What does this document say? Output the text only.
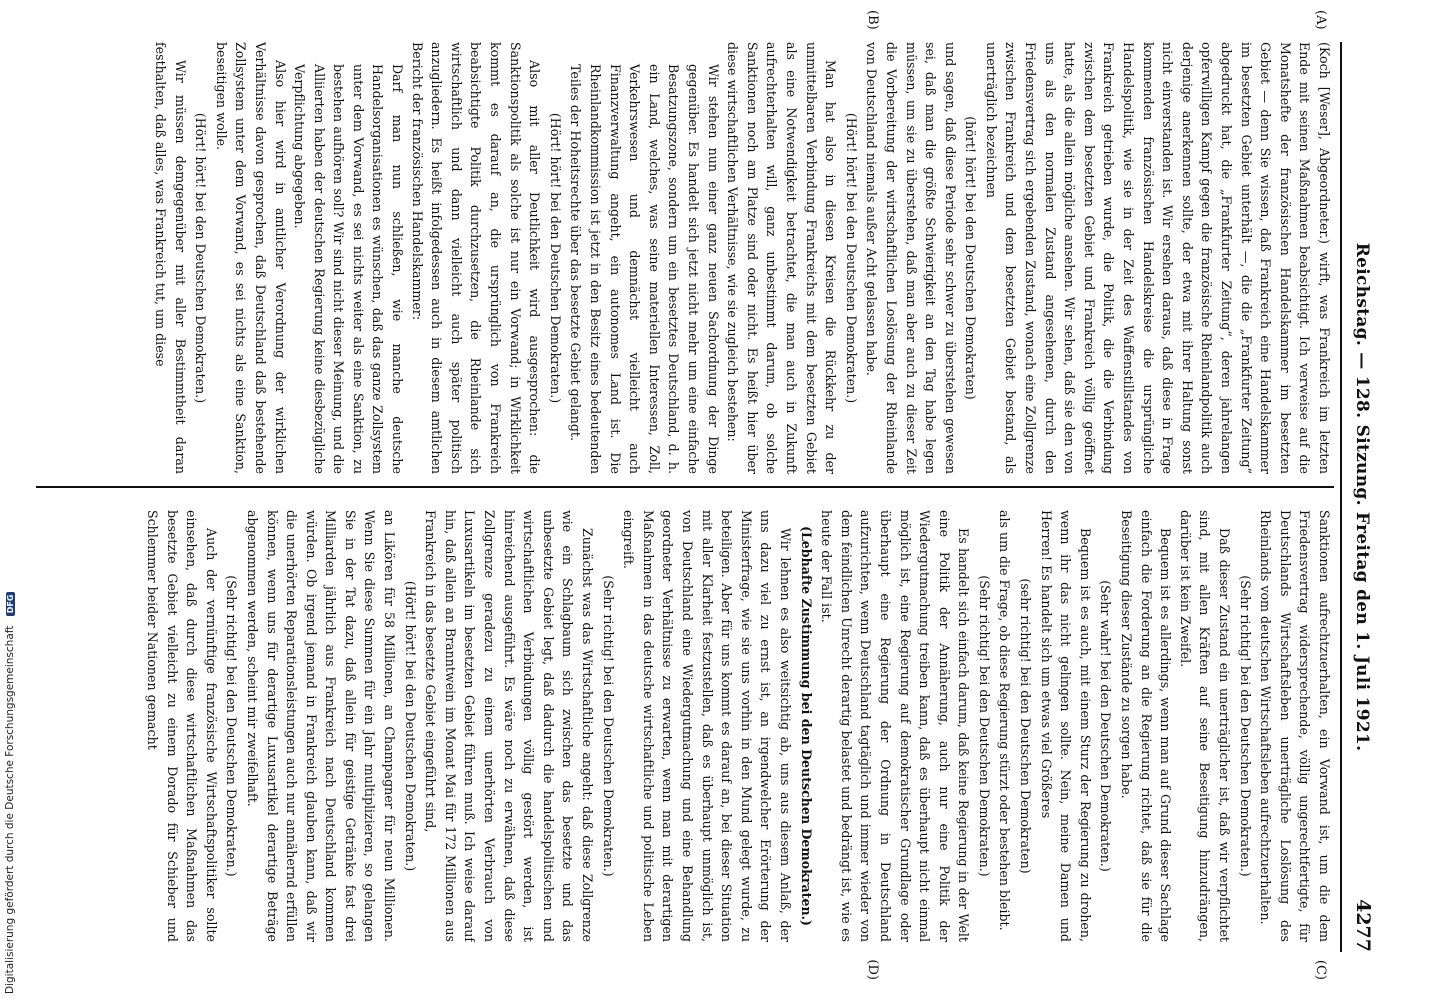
Reichstag. — 128. Sitzung. Freitag den 1. Juli 1921.
4277
(A)
(B)
(C)
(D)

(Koch [Weser], Abgeordneter.) wirft, was Frankreich im letzten Ende mit seinen Maßnahmen beabsichtigt. Ich verweise auf die Monatshefte der französischen Handelskammer im besetzten Gebiet — denn Sie wissen, daß Frankreich eine Handelskammer im besetzten Gebiet unterhält —, die die „Frankfurter Zeitung“ abgedruckt hat, die „Frankfurter Zeitung“, deren jahrelangen opferwilligen Kampf gegen die französische Rheinlandpolitik auch derjenige anerkennen sollte, der etwa mit ihrer Haltung sonst nicht einverstanden ist. Wir ersehen daraus, daß diese in Frage kommenden französischen Handelskreise die ursprüngliche Handelspolitik, wie sie in der Zeit des Waffenstillstandes von Frankreich getrieben wurde, die Politik, die die Verbindung zwischen dem besetzten Gebiet und Frankreich völlig geöffnet hatte, als die allein mögliche ansehen. Wir sehen, daß sie den von uns als den normalen Zustand angesehenen, durch den Friedensvertrag sich ergebenden Zustand, wonach eine Zollgrenze zwischen Frankreich und dem besetzten Gebiet bestand, als unerträglich bezeichnen

(hört! hört! bei den Deutschen Demokraten)

und sagen, daß diese Periode sehr schwer zu überstehen gewesen sei, daß man die größte Schwierigkeit an den Tag habe legen müssen, um sie zu überstehen, daß man aber auch zu dieser Zeit die Vorbereitung der wirtschaftlichen Loslösung der Rheinlande von Deutschland niemals außer Acht gelassen habe.

(Hört! hört! bei den Deutschen Demokraten.)

Man hat also in diesen Kreisen die Rückkehr zu der unmittelbaren Verbindung Frankreichs mit dem besetzten Gebiet als eine Notwendigkeit betrachtet, die man auch in Zukunft aufrechterhalten will, ganz unbestimmt darum, ob solche Sanktionen noch am Platze sind oder nicht. Es heißt hier über diese wirtschaftlichen Verhältnisse, wie sie zugleich bestehen:

Wir stehen nun einer ganz neuen Sachordnung der Dinge gegenüber. Es handelt sich jetzt nicht mehr um eine einfache Besatzungszone, sondern um ein besetztes Deutschland, d. h. ein Land, welches, was seine materiellen Interessen, Zoll, Verkehrswesen und demnächst vielleicht auch Finanzverwaltung angeht, ein autonomes Land ist. Die Rheinlandkommission ist jetzt in den Besitz eines bedeutenden Teiles der Hoheitsrechte über das besetzte Gebiet gelangt.

(Hört! hört! bei den Deutschen Demokraten.)

Also mit aller Deutlichkeit wird ausgesprochen: die Sanktionspolitik als solche ist nur ein Vorwand; in Wirklichkeit kommt es darauf an, die ursprünglich von Frankreich beabsichtigte Politik durchzusetzen, die Rheinlande sich wirtschaftlich und dann vielleicht auch später politisch anzugliedern. Es heißt infolgedessen auch in diesem amtlichen Bericht der französischen Handelskammer:

Darf man nun schließen, wie manche deutsche Handelsorganisationen es wünschen, daß das ganze Zollsystem unter dem Vorwand, es sei nichts weiter als eine Sanktion, zu bestehen aufhören soll? Wir sind nicht dieser Meinung, und die Alliierten haben der deutschen Regierung keine diesbezügliche Verpflichtung abgegeben.

Also hier wird in amtlicher Verordnung der wirklichen Verhältnisse davon gesprochen, daß Deutschland daß bestehende Zollsystem unter dem Vorwand, es sei nichts als eine Sanktion, beseitigen wolle.

(Hört! hört! bei den Deutschen Demokraten.)

Wir müssen demgegenüber mit aller Bestimmtheit daran festhalten, daß alles, was Frankreich tut, um diese

Sanktionen aufrechtzuerhalten, ein Vorwand ist, um die dem Friedensvertrag widersprechende, völlig ungerechtfertigte, für Deutschlands Wirtschaftsleben unerträgliche Loslösung des Rheinlands vom deutschen Wirtschaftsleben aufrechtzuerhalten.

(Sehr richtig! bei den Deutschen Demokraten.)

Daß dieser Zustand ein unerträglicher ist, daß wir verpflichtet sind, mit allen Kräften auf seine Beseitigung hinzudrängen, darüber ist kein Zweifel.

Bequem ist es allerdings, wenn man auf Grund dieser Sachlage einfach die Forderung an die Regierung richtet, daß sie für die Beseitigung dieser Zustände zu sorgen habe.

(Sehr wahr! bei den Deutschen Demokraten.)

Bequem ist es auch, mit einem Sturz der Regierung zu drohen, wenn ihr das nicht gelingen sollte. Nein, meine Damen und Herren! Es handelt sich um etwas viel Größeres

(sehr richtig! bei den Deutschen Demokraten)

als um die Frage, ob diese Regierung stürzt oder bestehen bleibt.

(Sehr richtig! bei den Deutschen Demokraten.)

Es handelt sich einfach darum, daß keine Regierung in der Welt eine Politik der Annäherung, auch nur eine Politik der Wiedergutmachung treiben kann, daß es überhaupt nicht einmal möglich ist, eine Regierung auf demokratischer Grundlage oder überhaupt eine Regierung der Ordnung in Deutschland aufzurichten, wenn Deutschland tagtäglich und immer wieder von dem feindlichen Unrecht derartig belastet und bedrängt ist, wie es heute der Fall ist.

(Lebhafte Zustimmung bei den Deutschen Demokraten.)

Wir lehnen es also weitsichtig ab, uns aus diesem Anlaß, der uns dazu viel zu ernst ist, an irgendwelcher Erörterung der Ministerfrage, wie sie uns vorhin in den Mund gelegt wurde, zu beteiligen. Aber für uns kommt es darauf an, bei dieser Situation mit aller Klarheit festzustellen, daß es überhaupt unmöglich ist, von Deutschland eine Wiedergutmachung und eine Behandlung geordneter Verhältnisse zu erwarten, wenn man mit derartigen Maßnahmen in das deutsche wirtschaftliche und politische Leben eingreift.

(Sehr richtig! bei den Deutschen Demokraten.)

Zunächst was das Wirtschaftliche angeht: daß diese Zollgrenze wie ein Schlagbaum sich zwischen das besetzte und das unbesetzte Gebiet legt, daß dadurch die handelspolitischen und wirtschaftlichen Verbindungen völlig gestört werden, ist hinreichend ausgeführt. Es wäre noch zu erwähnen, daß diese Zollgrenze geradezu zu einem unerhörten Verbrauch von Luxusartikeln im besetzten Gebiet führen muß. Ich weise darauf hin, daß allein an Branntwein im Monat Mai für 172 Millionen aus Frankreich in das besetzte Gebiet eingeführt sind,

(Hört! hört! bei den Deutschen Demokraten.)

an Likören für 58 Millionen, an Champagner für neun Millionen. Wenn Sie diese Summen für ein Jahr multiplizieren, so gelangen Sie in der Tat dazu, daß allein für geistige Getränke fast drei Milliarden jährlich aus Frankreich nach Deutschland kommen würden. Ob irgend jemand in Frankreich glauben kann, daß wir die unerhörten Reparationsleistungen auch nur annähernd erfüllen können, wenn uns für derartige Luxusartikel derartige Beträge abgenommen werden, scheint mir zweifelhaft.

(Sehr richtig! bei den Deutschen Demokraten.)

Auch der vernünftige französische Wirtschaftspolitiker sollte einsehen, daß durch diese wirtschaftlichen Maßnahmen das besetzte Gebiet vielleicht zu einem Dorado für Schieber und Schlemmer beider Nationen gemacht

Digitalisierung gefördert durch die Deutsche Forschungsgemeinschaft DFG
